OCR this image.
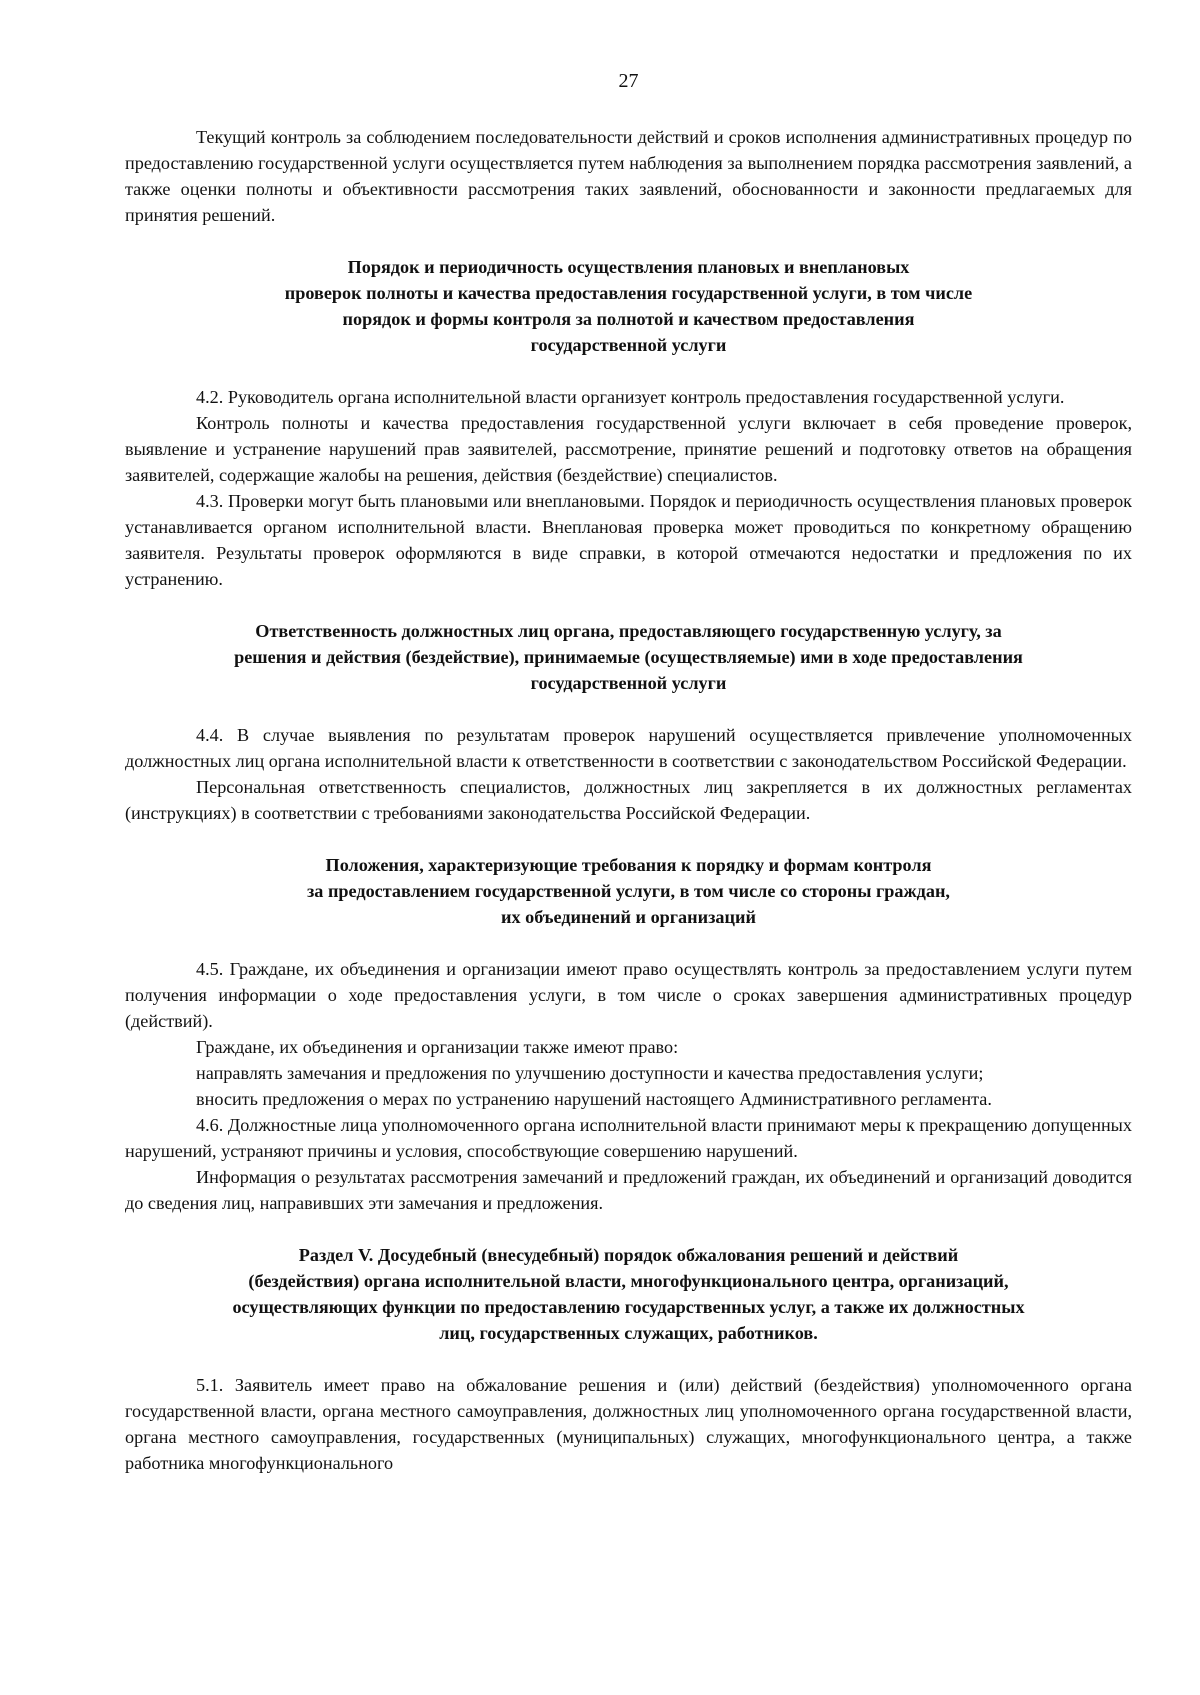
27

Текущий контроль за соблюдением последовательности действий и сроков исполнения административных процедур по предоставлению государственной услуги осуществляется путем наблюдения за выполнением порядка рассмотрения заявлений, а также оценки полноты и объективности рассмотрения таких заявлений, обоснованности и законности предлагаемых для принятия решений.

Порядок и периодичность осуществления плановых и внеплановых
проверок полноты и качества предоставления государственной услуги, в том числе
порядок и формы контроля за полнотой и качеством предоставления
государственной услуги

4.2. Руководитель органа исполнительной власти организует контроль предоставления государственной услуги.

Контроль полноты и качества предоставления государственной услуги включает в себя проведение проверок, выявление и устранение нарушений прав заявителей, рассмотрение, принятие решений и подготовку ответов на обращения заявителей, содержащие жалобы на решения, действия (бездействие) специалистов.

4.3. Проверки могут быть плановыми или внеплановыми. Порядок и периодичность осуществления плановых проверок устанавливается органом исполнительной власти. Внеплановая проверка может проводиться по конкретному обращению заявителя. Результаты проверок оформляются в виде справки, в которой отмечаются недостатки и предложения по их устранению.

Ответственность должностных лиц органа, предоставляющего государственную услугу, за
решения и действия (бездействие), принимаемые (осуществляемые) ими в ходе предоставления
государственной услуги

4.4. В случае выявления по результатам проверок нарушений осуществляется привлечение уполномоченных должностных лиц органа исполнительной власти к ответственности в соответствии с законодательством Российской Федерации.

Персональная ответственность специалистов, должностных лиц закрепляется в их должностных регламентах (инструкциях) в соответствии с требованиями законодательства Российской Федерации.

Положения, характеризующие требования к порядку и формам контроля
за предоставлением государственной услуги, в том числе со стороны граждан,
их объединений и организаций

4.5. Граждане, их объединения и организации имеют право осуществлять контроль за предоставлением услуги путем получения информации о ходе предоставления услуги, в том числе о сроках завершения административных процедур (действий).

Граждане, их объединения и организации также имеют право:

направлять замечания и предложения по улучшению доступности и качества предоставления услуги;

вносить предложения о мерах по устранению нарушений настоящего Административного регламента.

4.6. Должностные лица уполномоченного органа исполнительной власти принимают меры к прекращению допущенных нарушений, устраняют причины и условия, способствующие совершению нарушений.

Информация о результатах рассмотрения замечаний и предложений граждан, их объединений и организаций доводится до сведения лиц, направивших эти замечания и предложения.

Раздел V. Досудебный (внесудебный) порядок обжалования решений и действий
(бездействия) органа исполнительной власти, многофункционального центра, организаций,
осуществляющих функции по предоставлению государственных услуг, а также их должностных
лиц, государственных служащих, работников.

5.1. Заявитель имеет право на обжалование решения и (или) действий (бездействия) уполномоченного органа государственной власти, органа местного самоуправления, должностных лиц уполномоченного органа государственной власти, органа местного самоуправления, государственных (муниципальных) служащих, многофункционального центра, а также работника многофункционального
